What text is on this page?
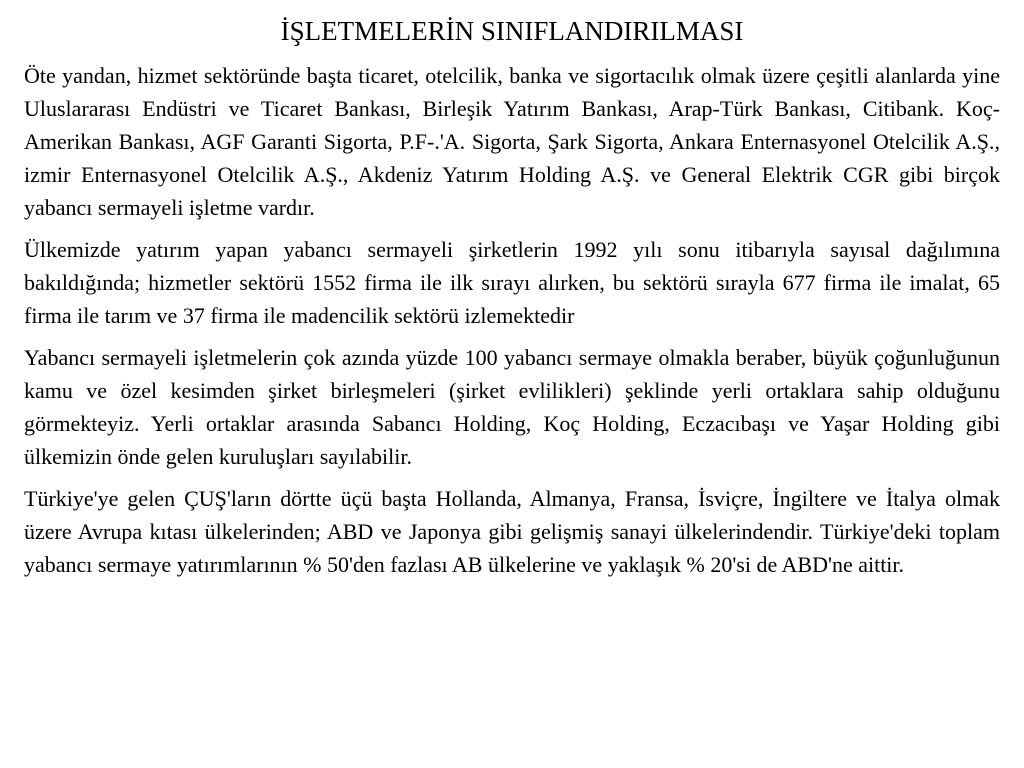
İŞLETMELERİN SINIFLANDIRILMASI

Öte yandan, hizmet sektöründe başta ticaret, otelcilik, banka ve sigortacılık olmak üzere çeşitli alanlarda yine Uluslararası Endüstri ve Ticaret Bankası, Birleşik Yatırım Bankası, Arap-Türk Bankası, Citibank. Koç-Amerikan Bankası, AGF Garanti Sigorta, P.F-.'A. Sigorta, Şark Sigorta, Ankara Enternasyonel Otelcilik A.Ş., izmir Enternasyonel Otelcilik A.Ş., Akdeniz Yatırım Holding A.Ş. ve General Elektrik CGR gibi birçok yabancı sermayeli işletme vardır.

Ülkemizde yatırım yapan yabancı sermayeli şirketlerin 1992 yılı sonu itibarıyla sayısal dağılımına bakıldığında; hizmetler sektörü 1552 firma ile ilk sırayı alırken, bu sektörü sırayla 677 firma ile imalat, 65 firma ile tarım ve 37 firma ile madencilik sektörü izlemektedir

Yabancı sermayeli işletmelerin çok azında yüzde 100 yabancı sermaye olmakla beraber, büyük çoğunluğunun kamu ve özel kesimden şirket birleşmeleri (şirket evlilikleri) şeklinde yerli ortaklara sahip olduğunu görmekteyiz. Yerli ortaklar arasında Sabancı Holding, Koç Holding, Eczacıbaşı ve Yaşar Holding gibi ülkemizin önde gelen kuruluşları sayılabilir.

Türkiye'ye gelen ÇUŞ'ların dörtte üçü başta Hollanda, Almanya, Fransa, İsviçre, İngiltere ve İtalya olmak üzere Avrupa kıtası ülkelerinden; ABD ve Japonya gibi gelişmiş sanayi ülkelerindendir. Türkiye'deki toplam yabancı sermaye yatırımlarının % 50'den fazlası AB ülkelerine ve yaklaşık % 20'si de ABD'ne aittir.
